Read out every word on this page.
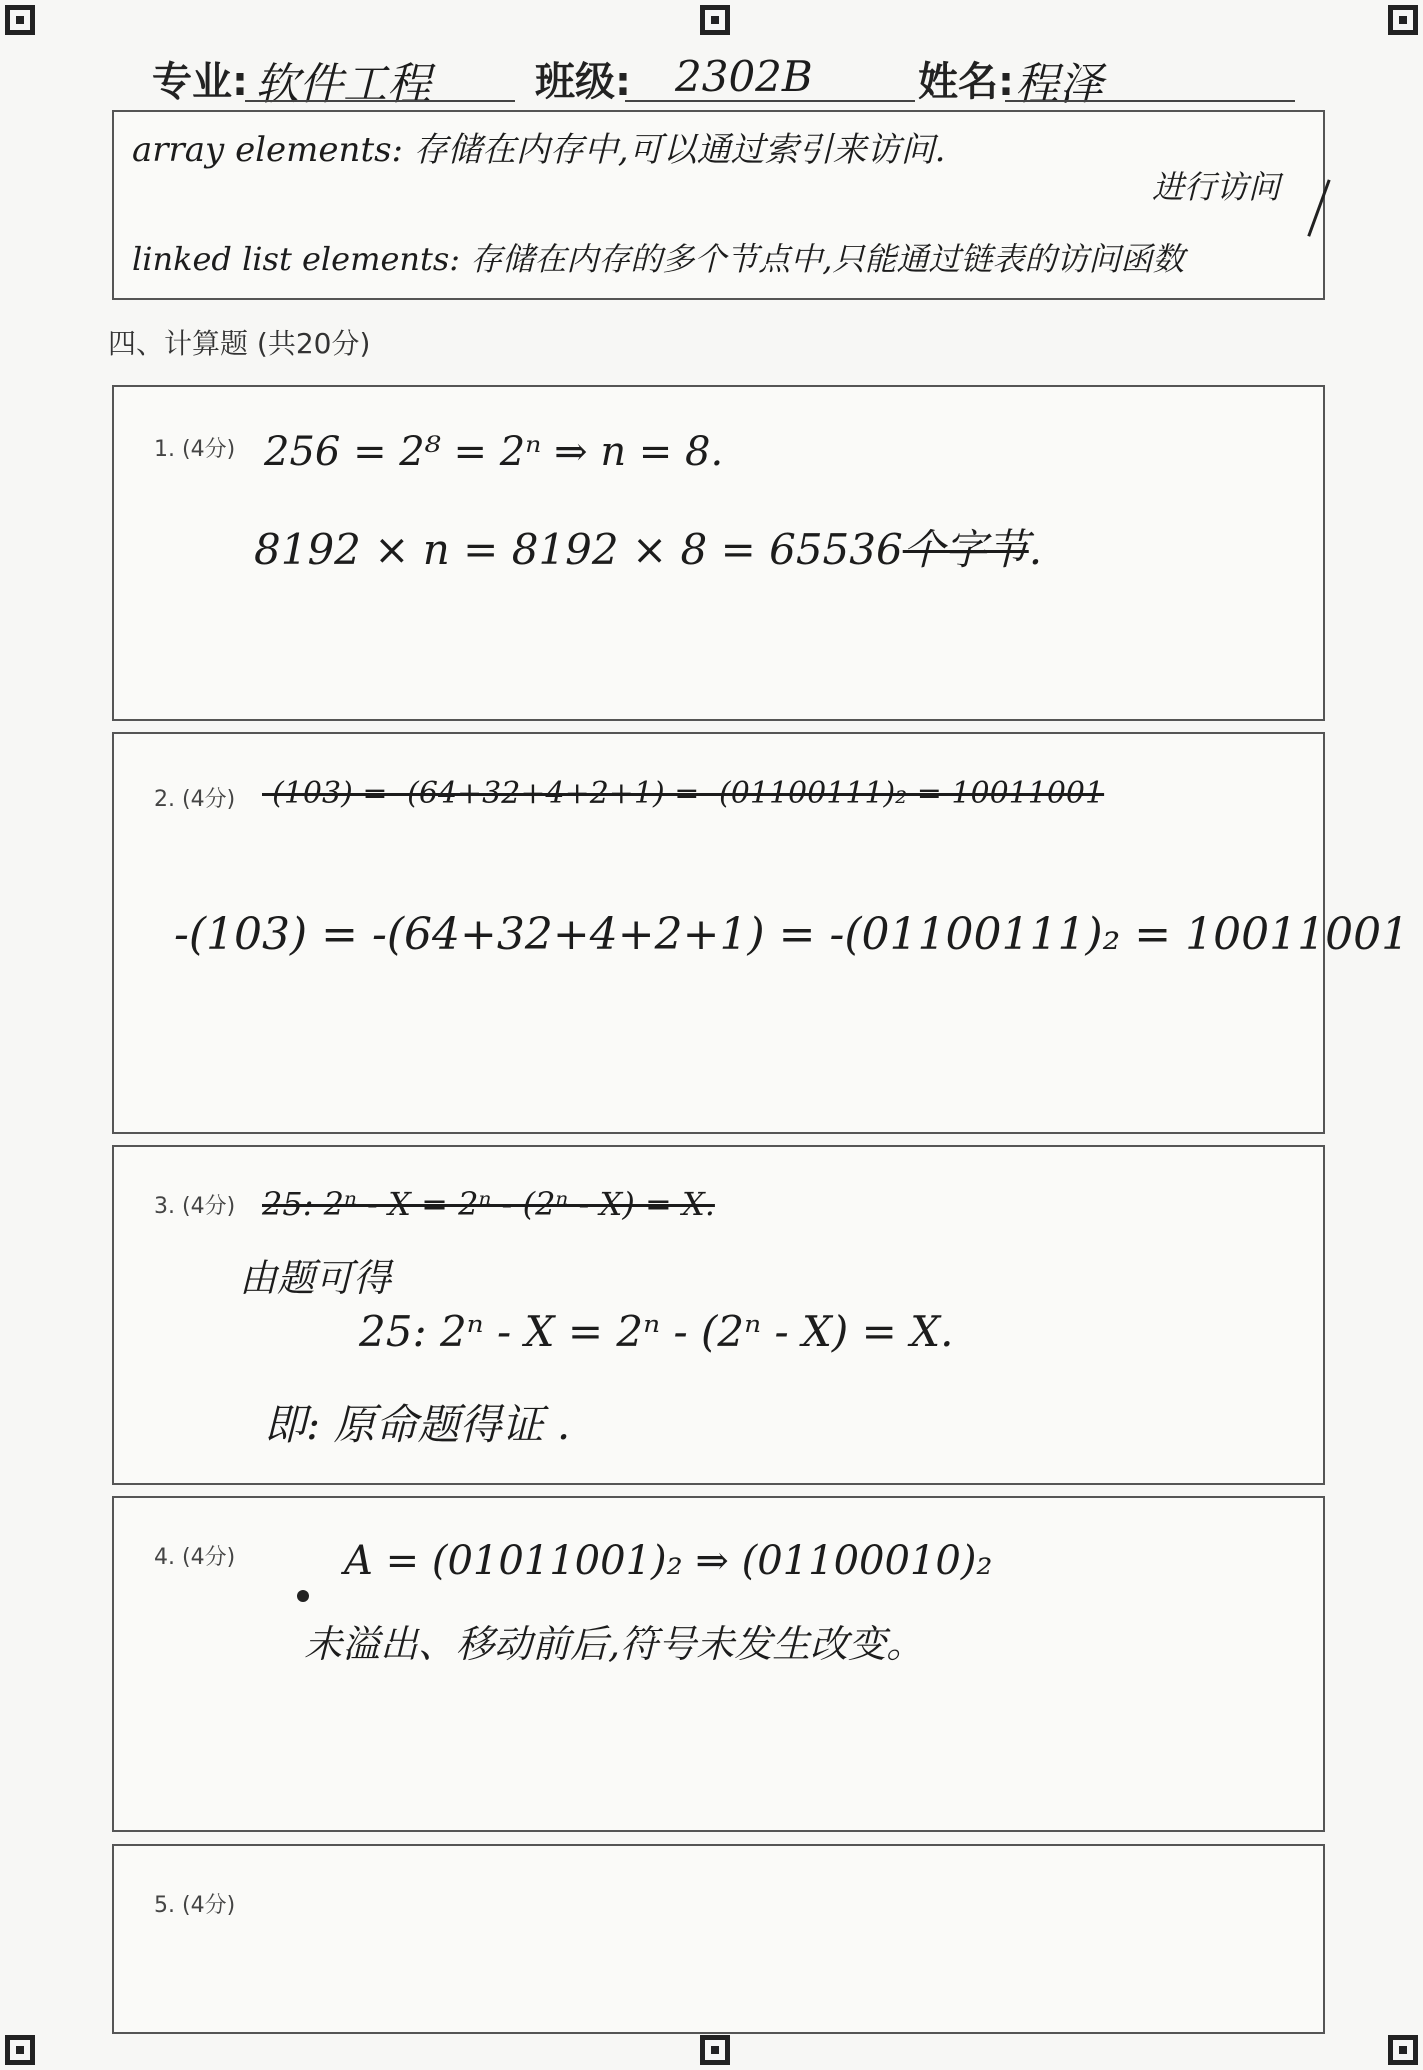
专业: 软件工程	班级: 2302B	姓名: 程泽
array elements: 存储在内存中,可以通过索引来访问.
进行访问
linked list elements: 存储在内存的多个节点中,只能通过链表的访问函数
四、计算题 (共20分)
1. (4分) 256 = 2⁸ = 2ⁿ ⇒ n = 8.
8192 × n = 8192 × 8 = 65536个字节.
2. (4分) -(103) = -(64+32+4+2+1) = -(01100111)₂ = 10011001
-(103) = -(64+32+4+2+1) = -(01100111)₂ = 10011001
3. (4分) 25: 2ⁿ - X = 2ⁿ - (2ⁿ - X) = X.
由题可得
25: 2ⁿ - X = 2ⁿ - (2ⁿ - X) = X.
即: 原命题得证 .
4. (4分)	A = (01011001)₂ ⇒ (01100010)₂
未溢出、移动前后,符号未发生改变。
5. (4分)
